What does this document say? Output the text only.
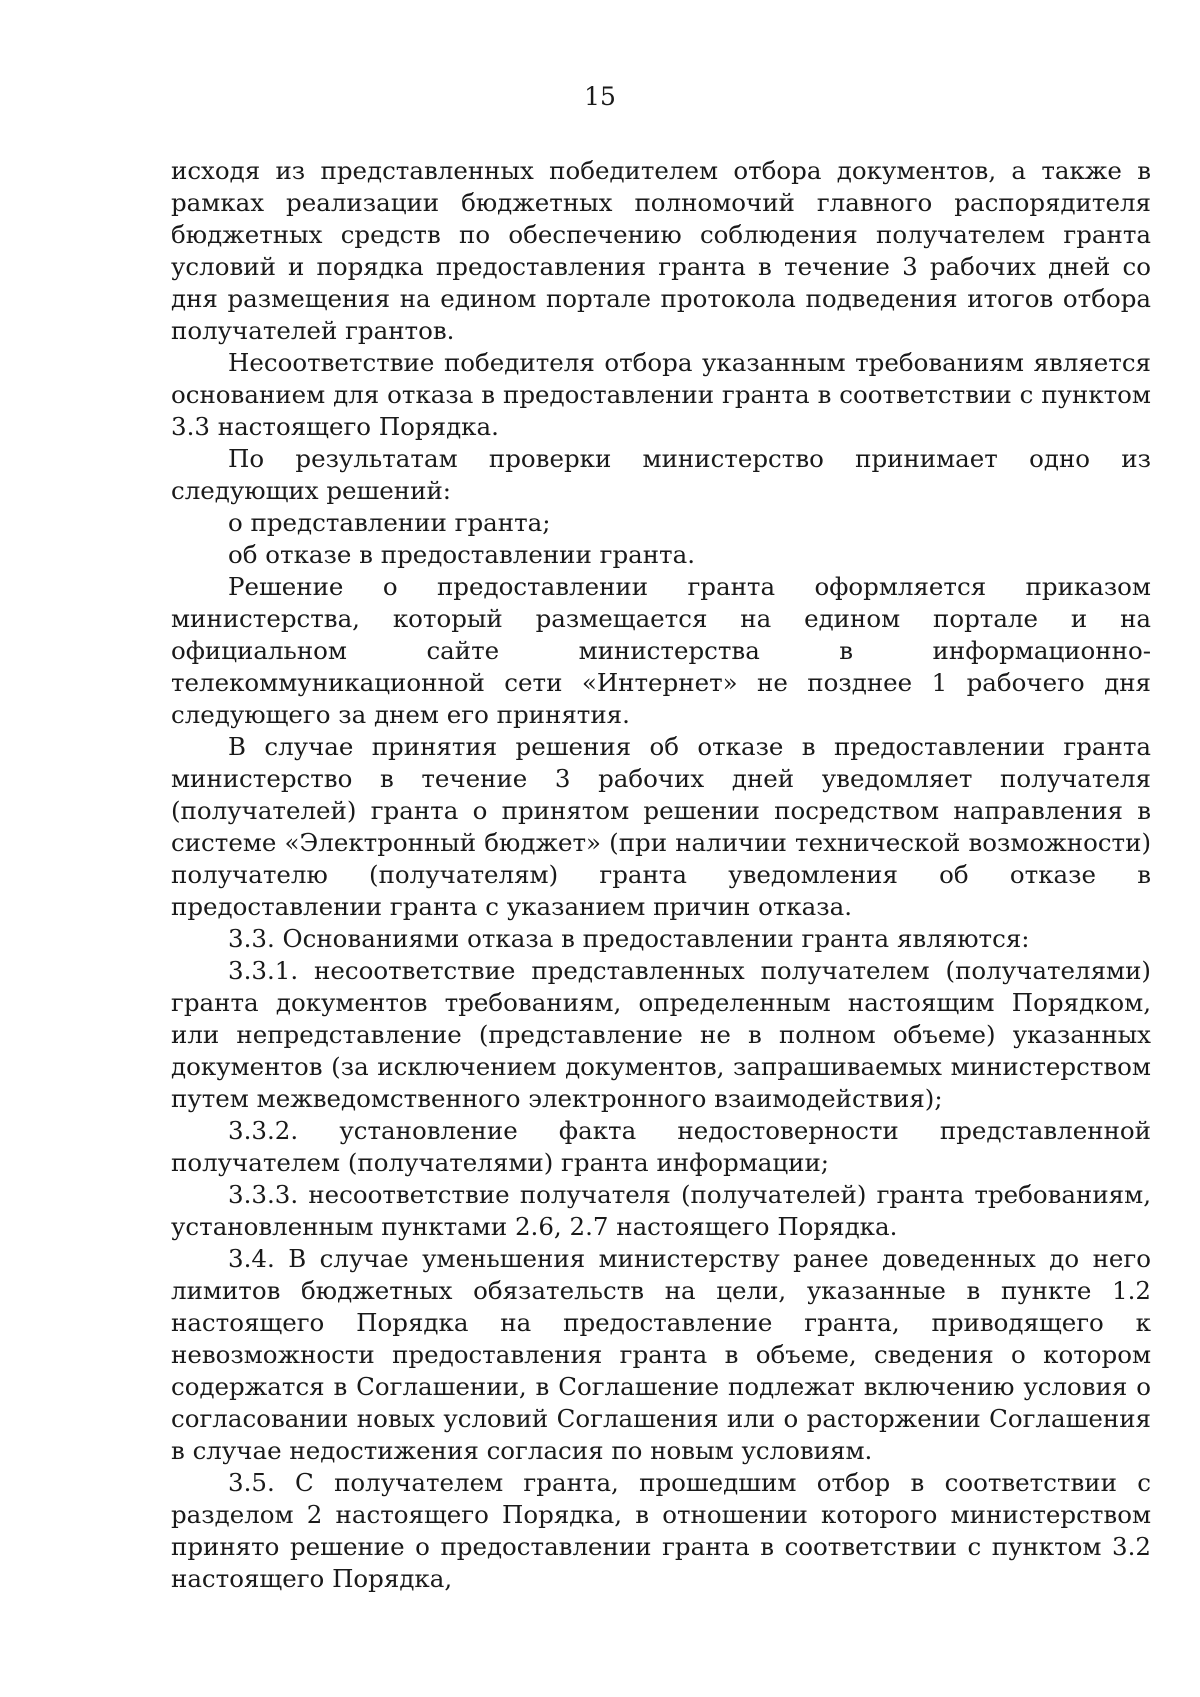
15

исходя из представленных победителем отбора документов, а также в рамках реализации бюджетных полномочий главного распорядителя бюджетных средств по обеспечению соблюдения получателем гранта условий и порядка предоставления гранта в течение 3 рабочих дней со дня размещения на едином портале протокола подведения итогов отбора получателей грантов.

Несоответствие победителя отбора указанным требованиям является основанием для отказа в предоставлении гранта в соответствии с пунктом 3.3 настоящего Порядка.

По результатам проверки министерство принимает одно из следующих решений:

о представлении гранта;

об отказе в предоставлении гранта.

Решение о предоставлении гранта оформляется приказом министерства, который размещается на едином портале и на официальном сайте министерства в информационно-телекоммуникационной сети «Интернет» не позднее 1 рабочего дня следующего за днем его принятия.

В случае принятия решения об отказе в предоставлении гранта министерство в течение 3 рабочих дней уведомляет получателя (получателей) гранта о принятом решении посредством направления в системе «Электронный бюджет» (при наличии технической возможности) получателю (получателям) гранта уведомления об отказе в предоставлении гранта с указанием причин отказа.

3.3. Основаниями отказа в предоставлении гранта являются:

3.3.1. несоответствие представленных получателем (получателями) гранта документов требованиям, определенным настоящим Порядком, или непредставление (представление не в полном объеме) указанных документов (за исключением документов, запрашиваемых министерством путем межведомственного электронного взаимодействия);

3.3.2. установление факта недостоверности представленной получателем (получателями) гранта информации;

3.3.3. несоответствие получателя (получателей) гранта требованиям, установленным пунктами 2.6, 2.7 настоящего Порядка.

3.4. В случае уменьшения министерству ранее доведенных до него лимитов бюджетных обязательств на цели, указанные в пункте 1.2 настоящего Порядка на предоставление гранта, приводящего к невозможности предоставления гранта в объеме, сведения о котором содержатся в Соглашении, в Соглашение подлежат включению условия о согласовании новых условий Соглашения или о расторжении Соглашения в случае недостижения согласия по новым условиям.

3.5. С получателем гранта, прошедшим отбор в соответствии с разделом 2 настоящего Порядка, в отношении которого министерством принято решение о предоставлении гранта в соответствии с пунктом 3.2 настоящего Порядка,
